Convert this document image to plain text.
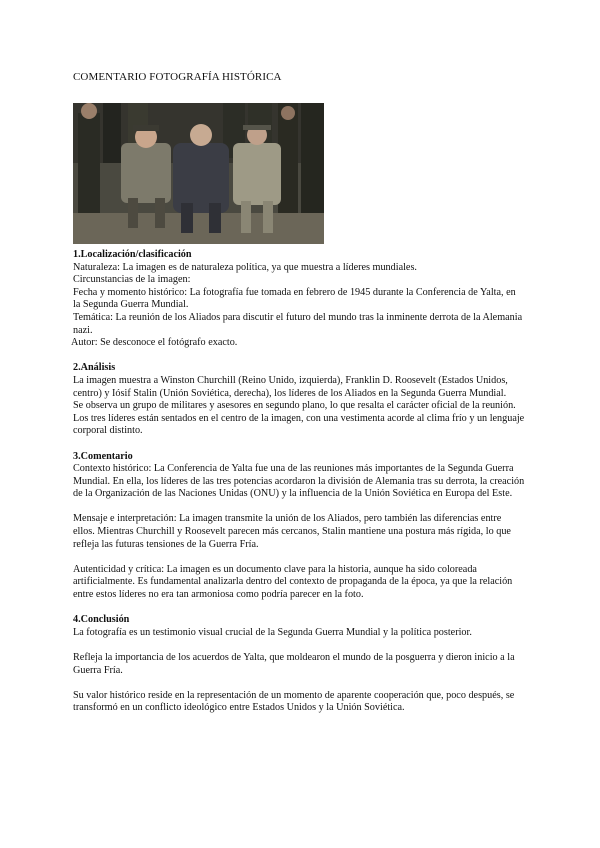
COMENTARIO FOTOGRAFÍA HISTÓRICA
1.Localización/clasificación

Naturaleza: La imagen es de naturaleza política, ya que muestra a líderes mundiales.

Circunstancias de la imagen:

Fecha y momento histórico: La fotografía fue tomada en febrero de 1945 durante la Conferencia de Yalta, en la Segunda Guerra Mundial.

Temática: La reunión de los Aliados para discutir el futuro del mundo tras la inminente derrota de la Alemania nazi.

Autor: Se desconoce el fotógrafo exacto.

2.Análisis

La imagen muestra a Winston Churchill (Reino Unido, izquierda), Franklin D. Roosevelt (Estados Unidos, centro) y Iósif Stalin (Unión Soviética, derecha), los líderes de los Aliados en la Segunda Guerra Mundial.

Se observa un grupo de militares y asesores en segundo plano, lo que resalta el carácter oficial de la reunión.

Los tres líderes están sentados en el centro de la imagen, con una vestimenta acorde al clima frío y un lenguaje corporal distinto.

3.Comentario

Contexto histórico: La Conferencia de Yalta fue una de las reuniones más importantes de la Segunda Guerra Mundial. En ella, los líderes de las tres potencias acordaron la división de Alemania tras su derrota, la creación de la Organización de las Naciones Unidas (ONU) y la influencia de la Unión Soviética en Europa del Este.

Mensaje e interpretación: La imagen transmite la unión de los Aliados, pero también las diferencias entre ellos. Mientras Churchill y Roosevelt parecen más cercanos, Stalin mantiene una postura más rígida, lo que refleja las futuras tensiones de la Guerra Fría.

Autenticidad y crítica: La imagen es un documento clave para la historia, aunque ha sido coloreada artificialmente. Es fundamental analizarla dentro del contexto de propaganda de la época, ya que la relación entre estos líderes no era tan armoniosa como podría parecer en la foto.

4.Conclusión

La fotografía es un testimonio visual crucial de la Segunda Guerra Mundial y la política posterior.

Refleja la importancia de los acuerdos de Yalta, que moldearon el mundo de la posguerra y dieron inicio a la Guerra Fría.

Su valor histórico reside en la representación de un momento de aparente cooperación que, poco después, se transformó en un conflicto ideológico entre Estados Unidos y la Unión Soviética.
